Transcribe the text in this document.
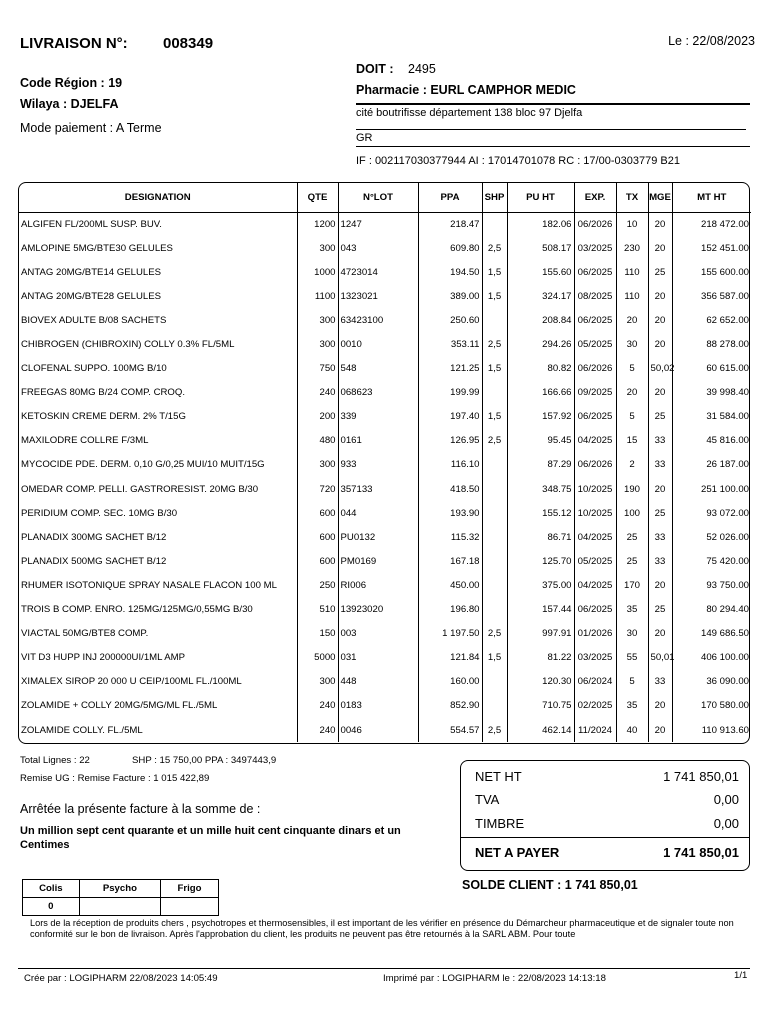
LIVRAISON N°: 008349	Le : 22/08/2023
Code Région : 19
Wilaya : DJELFA
Mode paiement : A Terme
DOIT : 2495
Pharmacie : EURL CAMPHOR MEDIC
cité boutrifisse département 138 bloc 97 Djelfa
GR
IF : 002117030377944 AI : 17014701078 RC : 17/00-0303779 B21
DESIGNATION	QTE	N°LOT	PPA	SHP	PU HT	EXP.	TX	MGE	MT HT
ALGIFEN FL/200ML SUSP. BUV.	1200	1247	218.47		182.06	06/2026	10	20	218 472.00
AMLOPINE 5MG/BTE30 GELULES	300	043	609.80	2,5	508.17	03/2025	230	20	152 451.00
ANTAG 20MG/BTE14 GELULES	1000	4723014	194.50	1,5	155.60	06/2025	110	25	155 600.00
ANTAG 20MG/BTE28 GELULES	1100	1323021	389.00	1,5	324.17	08/2025	110	20	356 587.00
BIOVEX ADULTE B/08 SACHETS	300	63423100	250.60		208.84	06/2025	20	20	62 652.00
CHIBROGEN (CHIBROXIN) COLLY 0.3% FL/5ML	300	0010	353.11	2,5	294.26	05/2025	30	20	88 278.00
CLOFENAL SUPPO. 100MG B/10	750	548	121.25	1,5	80.82	06/2026	5	50,02	60 615.00
FREEGAS 80MG B/24 COMP. CROQ.	240	068623	199.99		166.66	09/2025	20	20	39 998.40
KETOSKIN CREME DERM. 2% T/15G	200	339	197.40	1,5	157.92	06/2025	5	25	31 584.00
MAXILODRE COLLRE F/3ML	480	0161	126.95	2,5	95.45	04/2025	15	33	45 816.00
MYCOCIDE PDE. DERM. 0,10 G/0,25 MUI/10 MUIT/15G	300	933	116.10		87.29	06/2026	2	33	26 187.00
OMEDAR COMP. PELLI. GASTRORESIST. 20MG B/30	720	357133	418.50		348.75	10/2025	190	20	251 100.00
PERIDIUM COMP. SEC. 10MG B/30	600	044	193.90		155.12	10/2025	100	25	93 072.00
PLANADIX 300MG SACHET B/12	600	PU0132	115.32		86.71	04/2025	25	33	52 026.00
PLANADIX 500MG SACHET B/12	600	PM0169	167.18		125.70	05/2025	25	33	75 420.00
RHUMER ISOTONIQUE SPRAY NASALE FLACON 100 ML	250	RI006	450.00		375.00	04/2025	170	20	93 750.00
TROIS B COMP. ENRO. 125MG/125MG/0,55MG B/30	510	13923020	196.80		157.44	06/2025	35	25	80 294.40
VIACTAL 50MG/BTE8 COMP.	150	003	1 197.50	2,5	997.91	01/2026	30	20	149 686.50
VIT D3 HUPP INJ 200000UI/1ML AMP	5000	031	121.84	1,5	81.22	03/2025	55	50,01	406 100.00
XIMALEX SIROP 20 000 U CEIP/100ML FL./100ML	300	448	160.00		120.30	06/2024	5	33	36 090.00
ZOLAMIDE + COLLY 20MG/5MG/ML FL./5ML	240	0183	852.90		710.75	02/2025	35	20	170 580.00
ZOLAMIDE COLLY. FL./5ML	240	0046	554.57	2,5	462.14	11/2024	40	20	110 913.60
Total Lignes : 22	SHP : 15 750,00 PPA : 3497443,9
Remise UG : Remise Facture : 1 015 422,89
Arrêtée la présente facture à la somme de :
Un million sept cent quarante et un mille huit cent cinquante dinars et un Centimes
NET HT	1 741 850,01
TVA	0,00
TIMBRE	0,00
NET A PAYER	1 741 850,01
SOLDE CLIENT : 1 741 850,01
Colis	Psycho	Frigo
0		
Lors de la réception de produits chers , psychotropes et thermosensibles, il est important de les vérifier en présence du Démarcheur pharmaceutique et de signaler toute non conformité sur le bon de livraison. Après l'approbation du client, les produits ne peuvent pas être retournés à la SARL ABM. Pour toute
Crée par : LOGIPHARM 22/08/2023 14:05:49	Imprimé par : LOGIPHARM le : 22/08/2023 14:13:18	1/1
